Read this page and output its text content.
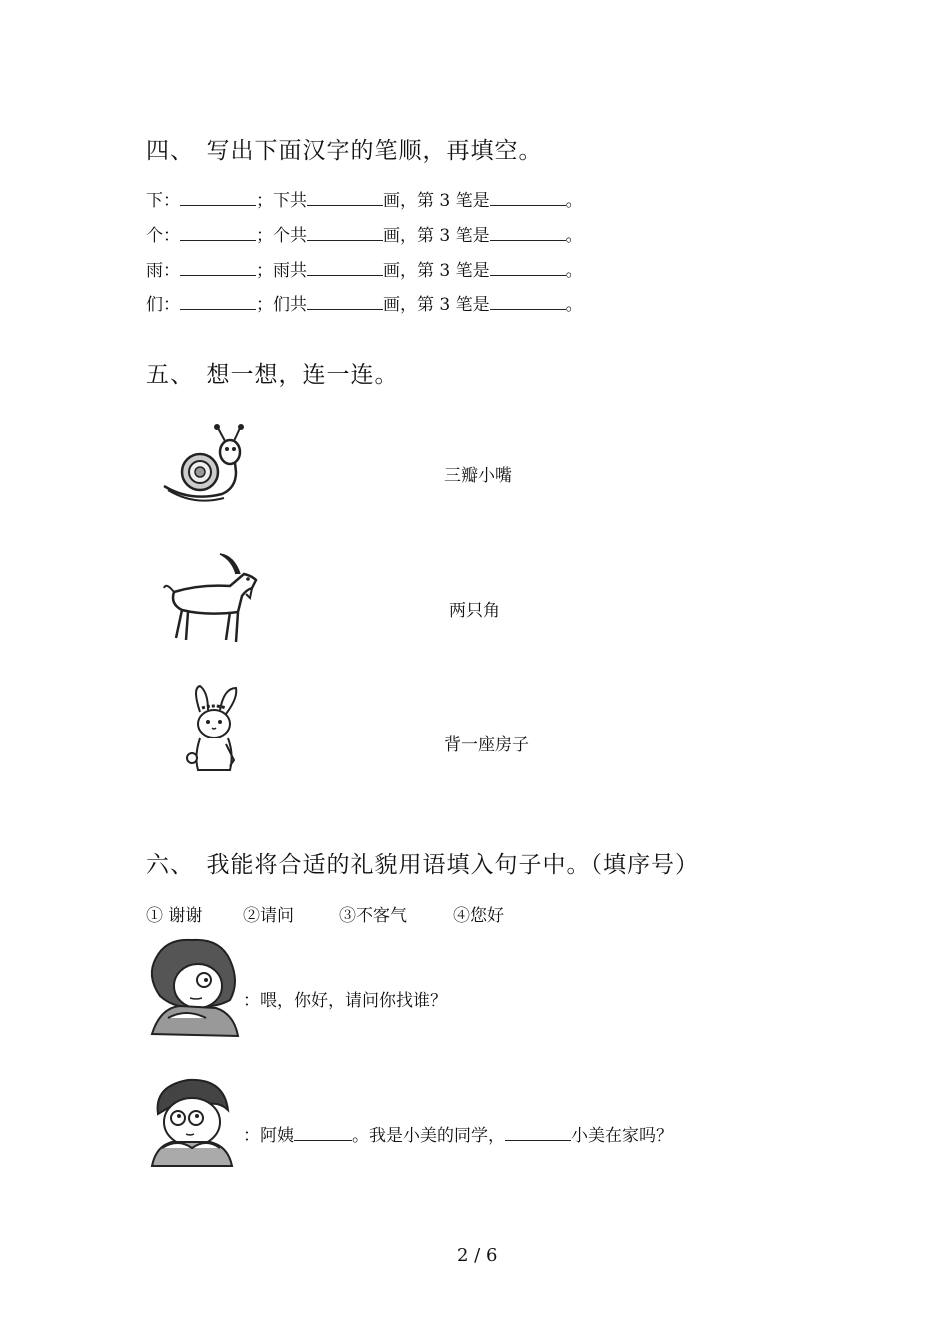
四、　写出下面汉字的笔顺，再填空。
下：	；下共	画，第 3 笔是	。
个：	；个共	画，第 3 笔是	。
雨：	；雨共	画，第 3 笔是	。
们：	；们共	画，第 3 笔是	。
五、　想一想，连一连。
三瓣小嘴
两只角
背一座房子
六、　我能将合适的礼貌用语填入句子中。（填序号）
① 谢谢 ②请问	③不客气	④您好
：喂，你好，请问你找谁？
：阿姨	。我是小美的同学，	小美在家吗？
2 / 6
